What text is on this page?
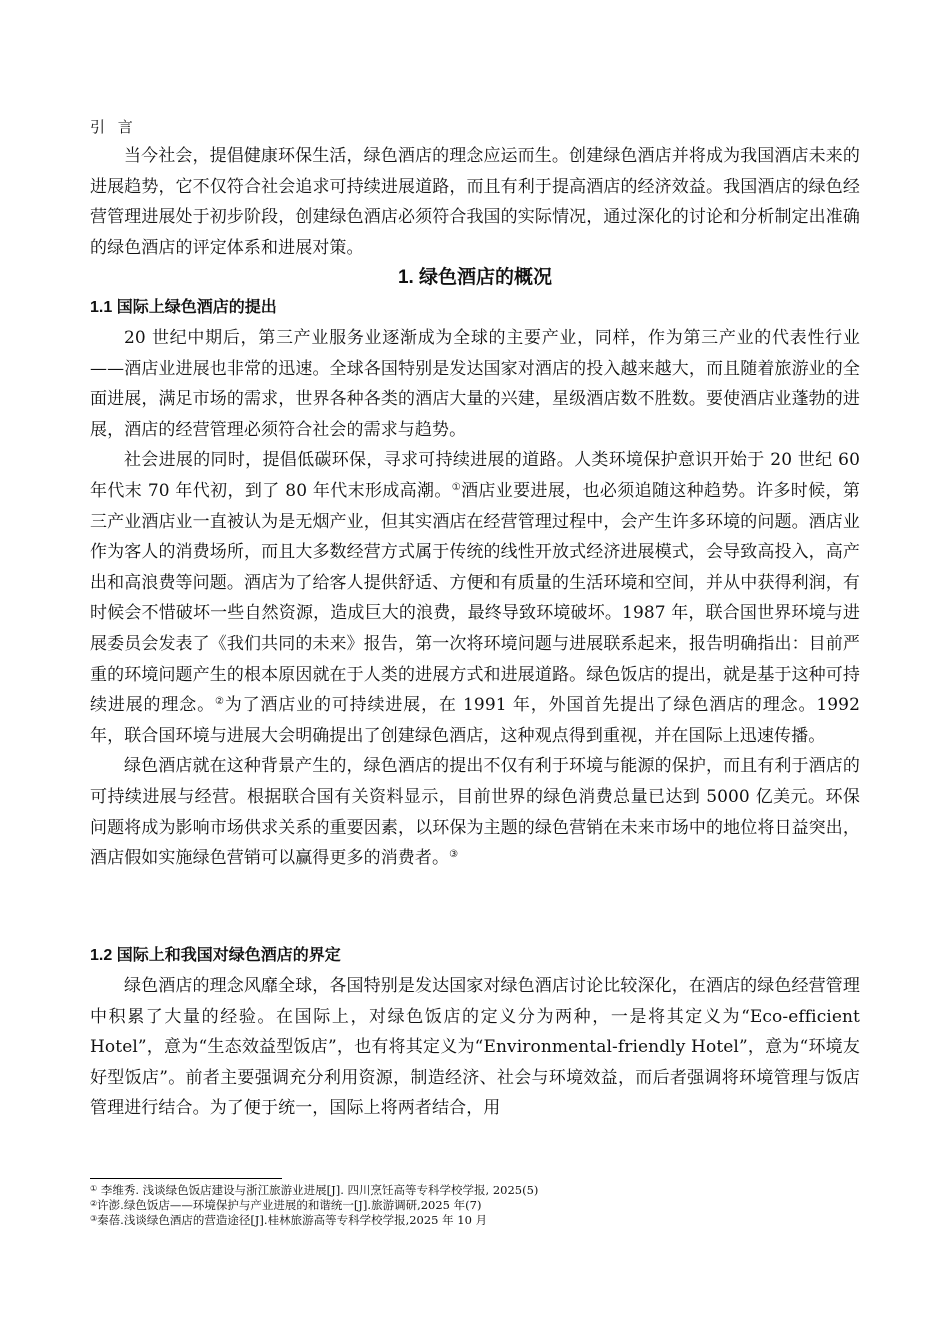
引 言

当今社会，提倡健康环保生活，绿色酒店的理念应运而生。创建绿色酒店并将成为我国酒店未来的进展趋势，它不仅符合社会追求可持续进展道路，而且有利于提高酒店的经济效益。我国酒店的绿色经营管理进展处于初步阶段，创建绿色酒店必须符合我国的实际情况，通过深化的讨论和分析制定出准确的绿色酒店的评定体系和进展对策。

1. 绿色酒店的概况

1.1 国际上绿色酒店的提出

20 世纪中期后，第三产业服务业逐渐成为全球的主要产业，同样，作为第三产业的代表性行业——酒店业进展也非常的迅速。全球各国特别是发达国家对酒店的投入越来越大，而且随着旅游业的全面进展，满足市场的需求，世界各种各类的酒店大量的兴建，星级酒店数不胜数。要使酒店业蓬勃的进展，酒店的经营管理必须符合社会的需求与趋势。

社会进展的同时，提倡低碳环保，寻求可持续进展的道路。人类环境保护意识开始于 20 世纪 60 年代末 70 年代初，到了 80 年代末形成高潮。①酒店业要进展，也必须追随这种趋势。许多时候，第三产业酒店业一直被认为是无烟产业，但其实酒店在经营管理过程中，会产生许多环境的问题。酒店业作为客人的消费场所，而且大多数经营方式属于传统的线性开放式经济进展模式，会导致高投入，高产出和高浪费等问题。酒店为了给客人提供舒适、方便和有质量的生活环境和空间，并从中获得利润，有时候会不惜破坏一些自然资源，造成巨大的浪费，最终导致环境破坏。1987 年，联合国世界环境与进展委员会发表了《我们共同的未来》报告，第一次将环境问题与进展联系起来，报告明确指出：目前严重的环境问题产生的根本原因就在于人类的进展方式和进展道路。绿色饭店的提出，就是基于这种可持续进展的理念。②为了酒店业的可持续进展，在 1991 年，外国首先提出了绿色酒店的理念。1992 年，联合国环境与进展大会明确提出了创建绿色酒店，这种观点得到重视，并在国际上迅速传播。

绿色酒店就在这种背景产生的，绿色酒店的提出不仅有利于环境与能源的保护，而且有利于酒店的可持续进展与经营。根据联合国有关资料显示，目前世界的绿色消费总量已达到 5000 亿美元。环保问题将成为影响市场供求关系的重要因素，以环保为主题的绿色营销在未来市场中的地位将日益突出，酒店假如实施绿色营销可以赢得更多的消费者。③

1.2 国际上和我国对绿色酒店的界定

绿色酒店的理念风靡全球，各国特别是发达国家对绿色酒店讨论比较深化，在酒店的绿色经营管理中积累了大量的经验。在国际上，对绿色饭店的定义分为两种，一是将其定义为“Eco-efficient Hotel”，意为“生态效益型饭店”，也有将其定义为“Environmental-friendly Hotel”，意为“环境友好型饭店”。前者主要强调充分利用资源，制造经济、社会与环境效益，而后者强调将环境管理与饭店管理进行结合。为了便于统一，国际上将两者结合，用

① 李维秀. 浅谈绿色饭店建设与浙江旅游业进展[J]. 四川烹饪高等专科学校学报, 2025(5)

②许澎.绿色饭店——环境保护与产业进展的和谐统一[J].旅游调研,2025 年(7)

③秦蓓.浅谈绿色酒店的营造途径[J].桂林旅游高等专科学校学报,2025 年 10 月
